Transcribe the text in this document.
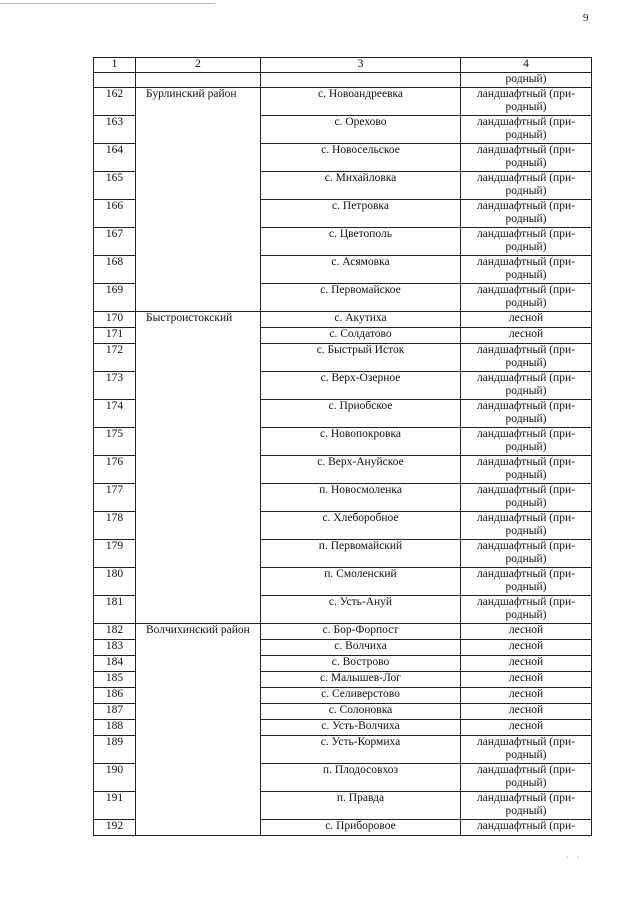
9
1	2	3	4
			родный)
162	Бурлинский район	с. Новоандреевка	ландшафтный (при-
родный)
163		с. Орехово	ландшафтный (при-
родный)
164		с. Новосельское	ландшафтный (при-
родный)
165		с. Михайловка	ландшафтный (при-
родный)
166		с. Петровка	ландшафтный (при-
родный)
167		с. Цветополь	ландшафтный (при-
родный)
168		с. Асямовка	ландшафтный (при-
родный)
169		с. Первомайское	ландшафтный (при-
родный)
170	Быстроистокский	с. Акутиха	лесной
171		с. Солдатово	лесной
172		с. Быстрый Исток	ландшафтный (при-
родный)
173		с. Верх-Озерное	ландшафтный (при-
родный)
174		с. Приобское	ландшафтный (при-
родный)
175		с. Новопокровка	ландшафтный (при-
родный)
176		с. Верх-Ануйское	ландшафтный (при-
родный)
177		п. Новосмоленка	ландшафтный (при-
родный)
178		с. Хлеборобное	ландшафтный (при-
родный)
179		п. Первомайский	ландшафтный (при-
родный)
180		п. Смоленский	ландшафтный (при-
родный)
181		с. Усть-Ануй	ландшафтный (при-
родный)
182	Волчихинский район	с. Бор-Форпост	лесной
183		с. Волчиха	лесной
184		с. Вострово	лесной
185		с. Малышев-Лог	лесной
186		с. Селиверстово	лесной
187		с. Солоновка	лесной
188		с. Усть-Волчиха	лесной
189		с. Усть-Кормиха	ландшафтный (при-
родный)
190		п. Плодосовхоз	ландшафтный (при-
родный)
191		п. Правда	ландшафтный (при-
родный)
192		с. Приборовое	ландшафтный (при-
· ·
